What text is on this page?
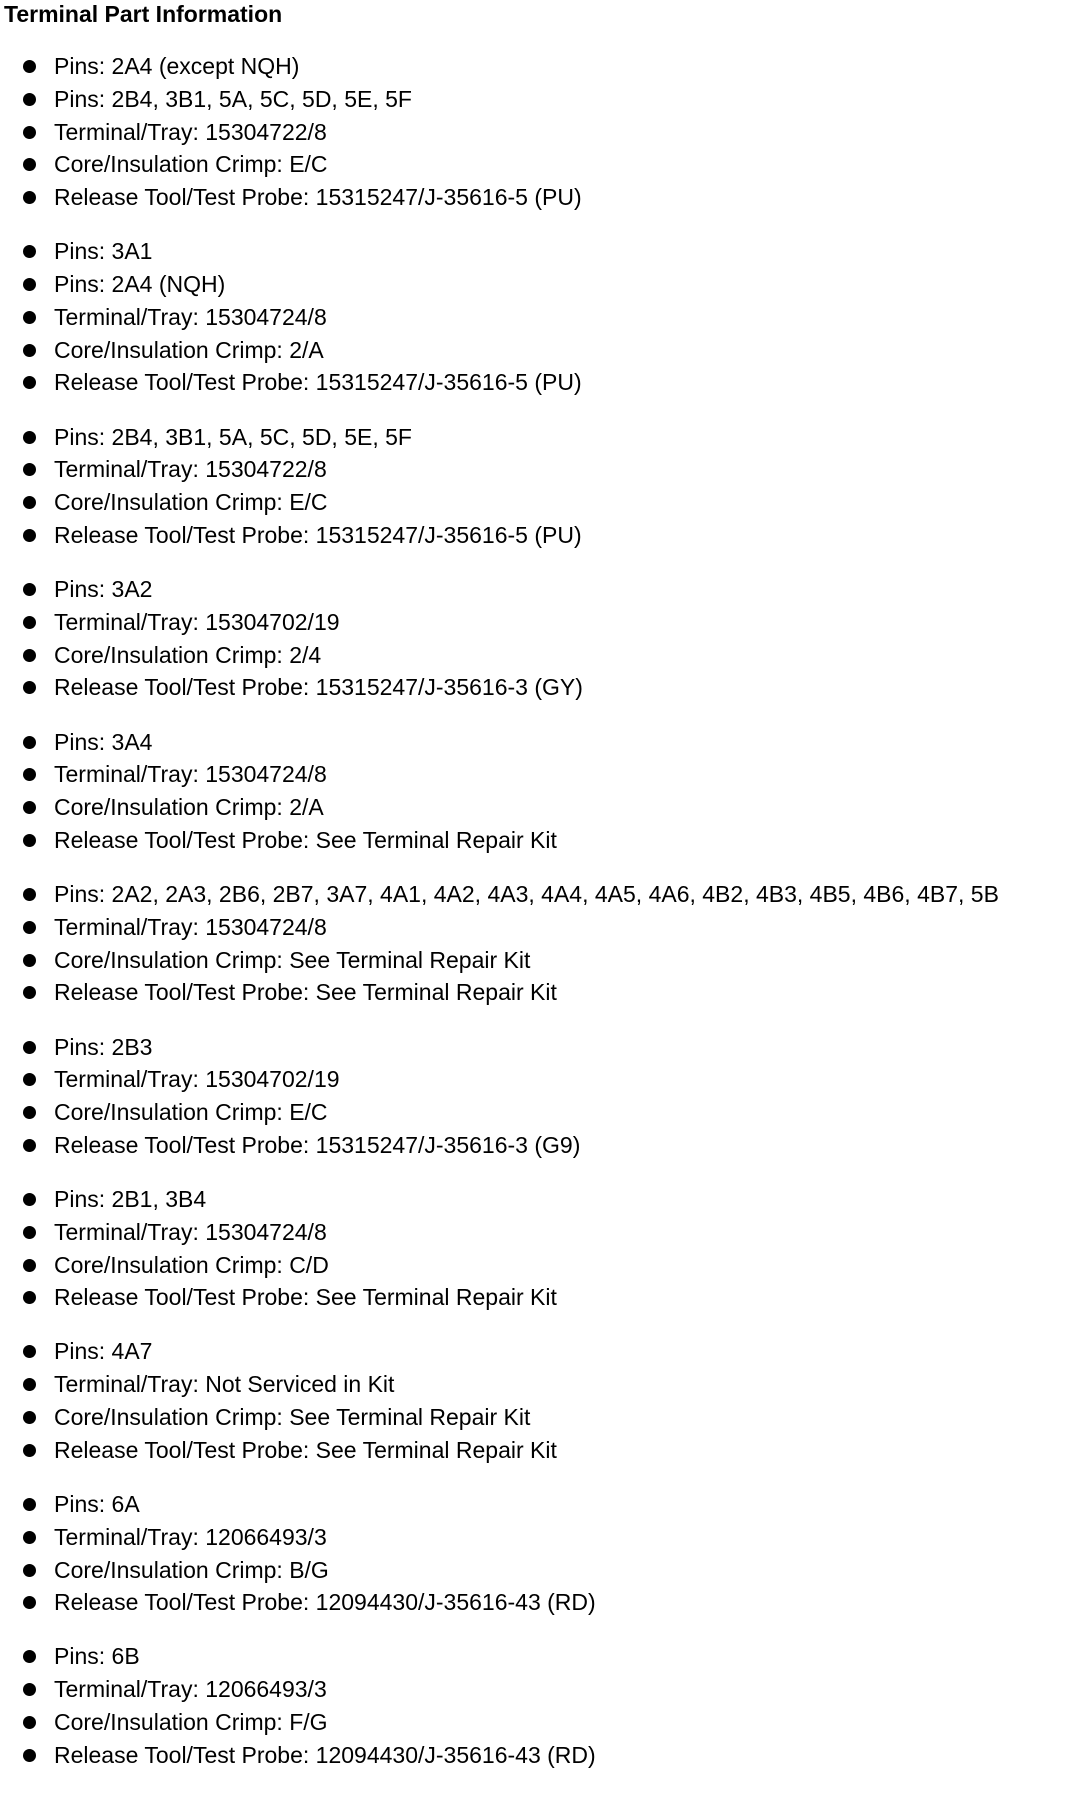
Terminal Part Information
Pins: 2A4 (except NQH)
Pins: 2B4, 3B1, 5A, 5C, 5D, 5E, 5F
Terminal/Tray: 15304722/8
Core/Insulation Crimp: E/C
Release Tool/Test Probe: 15315247/J-35616-5 (PU)
Pins: 3A1
Pins: 2A4 (NQH)
Terminal/Tray: 15304724/8
Core/Insulation Crimp: 2/A
Release Tool/Test Probe: 15315247/J-35616-5 (PU)
Pins: 2B4, 3B1, 5A, 5C, 5D, 5E, 5F
Terminal/Tray: 15304722/8
Core/Insulation Crimp: E/C
Release Tool/Test Probe: 15315247/J-35616-5 (PU)
Pins: 3A2
Terminal/Tray: 15304702/19
Core/Insulation Crimp: 2/4
Release Tool/Test Probe: 15315247/J-35616-3 (GY)
Pins: 3A4
Terminal/Tray: 15304724/8
Core/Insulation Crimp: 2/A
Release Tool/Test Probe: See Terminal Repair Kit
Pins: 2A2, 2A3, 2B6, 2B7, 3A7, 4A1, 4A2, 4A3, 4A4, 4A5, 4A6, 4B2, 4B3, 4B5, 4B6, 4B7, 5B
Terminal/Tray: 15304724/8
Core/Insulation Crimp: See Terminal Repair Kit
Release Tool/Test Probe: See Terminal Repair Kit
Pins: 2B3
Terminal/Tray: 15304702/19
Core/Insulation Crimp: E/C
Release Tool/Test Probe: 15315247/J-35616-3 (G9)
Pins: 2B1, 3B4
Terminal/Tray: 15304724/8
Core/Insulation Crimp: C/D
Release Tool/Test Probe: See Terminal Repair Kit
Pins: 4A7
Terminal/Tray: Not Serviced in Kit
Core/Insulation Crimp: See Terminal Repair Kit
Release Tool/Test Probe: See Terminal Repair Kit
Pins: 6A
Terminal/Tray: 12066493/3
Core/Insulation Crimp: B/G
Release Tool/Test Probe: 12094430/J-35616-43 (RD)
Pins: 6B
Terminal/Tray: 12066493/3
Core/Insulation Crimp: F/G
Release Tool/Test Probe: 12094430/J-35616-43 (RD)
